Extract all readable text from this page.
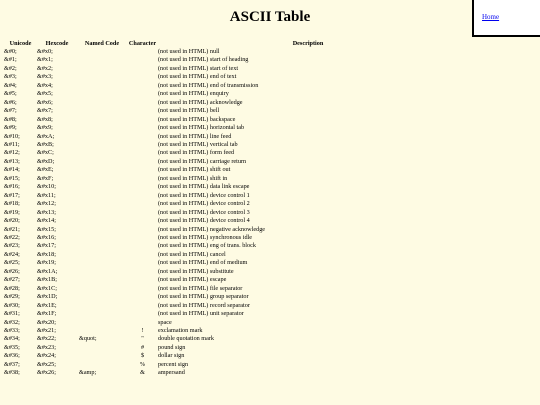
ASCII Table	Home
Unicode	Hexcode	Named Code	Character	Description
&#0;	&#x0;			(not used in HTML) null
&#1;	&#x1;			(not used in HTML) start of heading
&#2;	&#x2;			(not used in HTML) start of text
&#3;	&#x3;			(not used in HTML) end of text
&#4;	&#x4;			(not used in HTML) end of transmission
&#5;	&#x5;			(not used in HTML) enquiry
&#6;	&#x6;			(not used in HTML) acknowledge
&#7;	&#x7;			(not used in HTML) bell
&#8;	&#x8;			(not used in HTML) backspace
&#9;	&#x9;			(not used in HTML) horizontal tab
&#10;	&#xA;			(not used in HTML) line feed
&#11;	&#xB;			(not used in HTML) vertical tab
&#12;	&#xC;			(not used in HTML) form feed
&#13;	&#xD;			(not used in HTML) carriage return
&#14;	&#xE;			(not used in HTML) shift out
&#15;	&#xF;			(not used in HTML) shift in
&#16;	&#x10;			(not used in HTML) data link escape
&#17;	&#x11;			(not used in HTML) device control 1
&#18;	&#x12;			(not used in HTML) device control 2
&#19;	&#x13;			(not used in HTML) device control 3
&#20;	&#x14;			(not used in HTML) device control 4
&#21;	&#x15;			(not used in HTML) negative acknowledge
&#22;	&#x16;			(not used in HTML) synchronous idle
&#23;	&#x17;			(not used in HTML) eng of trans. block
&#24;	&#x18;			(not used in HTML) cancel
&#25;	&#x19;			(not used in HTML) end of medium
&#26;	&#x1A;			(not used in HTML) substitute
&#27;	&#x1B;			(not used in HTML) escape
&#28;	&#x1C;			(not used in HTML) file separator
&#29;	&#x1D;			(not used in HTML) group separator
&#30;	&#x1E;			(not used in HTML) record separator
&#31;	&#x1F;			(not used in HTML) unit separator
&#32;	&#x20;			space
&#33;	&#x21;		!	exclamation mark
&#34;	&#x22;	&quot;	"	double quotation mark
&#35;	&#x23;		#	pound sign
&#36;	&#x24;		$	dollar sign
&#37;	&#x25;		%	percent sign
&#38;	&#x26;	&amp;	&	ampersand
